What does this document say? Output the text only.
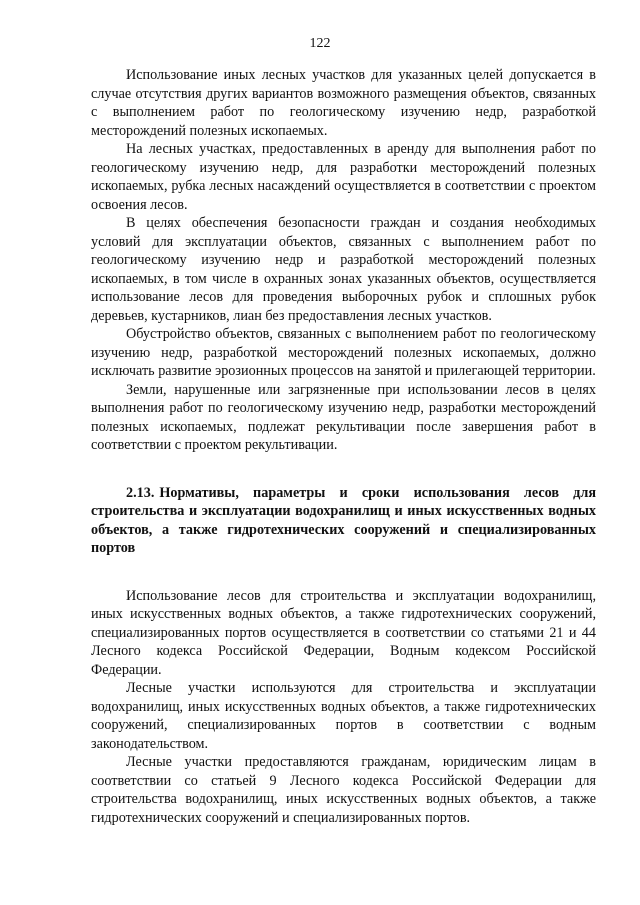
122

Использование иных лесных участков для указанных целей допускается в случае отсутствия других вариантов возможного размещения объектов, связанных с выполнением работ по геологическому изучению недр, разработкой месторождений полезных ископаемых.

На лесных участках, предоставленных в аренду для выполнения работ по геологическому изучению недр, для разработки месторождений полезных ископаемых, рубка лесных насаждений осуществляется в соответствии с проектом освоения лесов.

В целях обеспечения безопасности граждан и создания необходимых условий для эксплуатации объектов, связанных с выполнением работ по геологическому изучению недр и разработкой месторождений полезных ископаемых, в том числе в охранных зонах указанных объектов, осуществляется использование лесов для проведения выборочных рубок и сплошных рубок деревьев, кустарников, лиан без предоставления лесных участков.

Обустройство объектов, связанных с выполнением работ по геологическому изучению недр, разработкой месторождений полезных ископаемых, должно исключать развитие эрозионных процессов на занятой и прилегающей территории.

Земли, нарушенные или загрязненные при использовании лесов в целях выполнения работ по геологическому изучению недр, разработки месторождений полезных ископаемых, подлежат рекультивации после завершения работ в соответствии с проектом рекультивации.

2.13. Нормативы, параметры и сроки использования лесов для строительства и эксплуатации водохранилищ и иных искусственных водных объектов, а также гидротехнических сооружений и специализированных портов

Использование лесов для строительства и эксплуатации водохранилищ, иных искусственных водных объектов, а также гидротехнических сооружений, специализированных портов осуществляется в соответствии со статьями 21 и 44 Лесного кодекса Российской Федерации, Водным кодексом Российской Федерации.

Лесные участки используются для строительства и эксплуатации водохранилищ, иных искусственных водных объектов, а также гидротехнических сооружений, специализированных портов в соответствии с водным законодательством.

Лесные участки предоставляются гражданам, юридическим лицам в соответствии со статьей 9 Лесного кодекса Российской Федерации для строительства водохранилищ, иных искусственных водных объектов, а также гидротехнических сооружений и специализированных портов.
